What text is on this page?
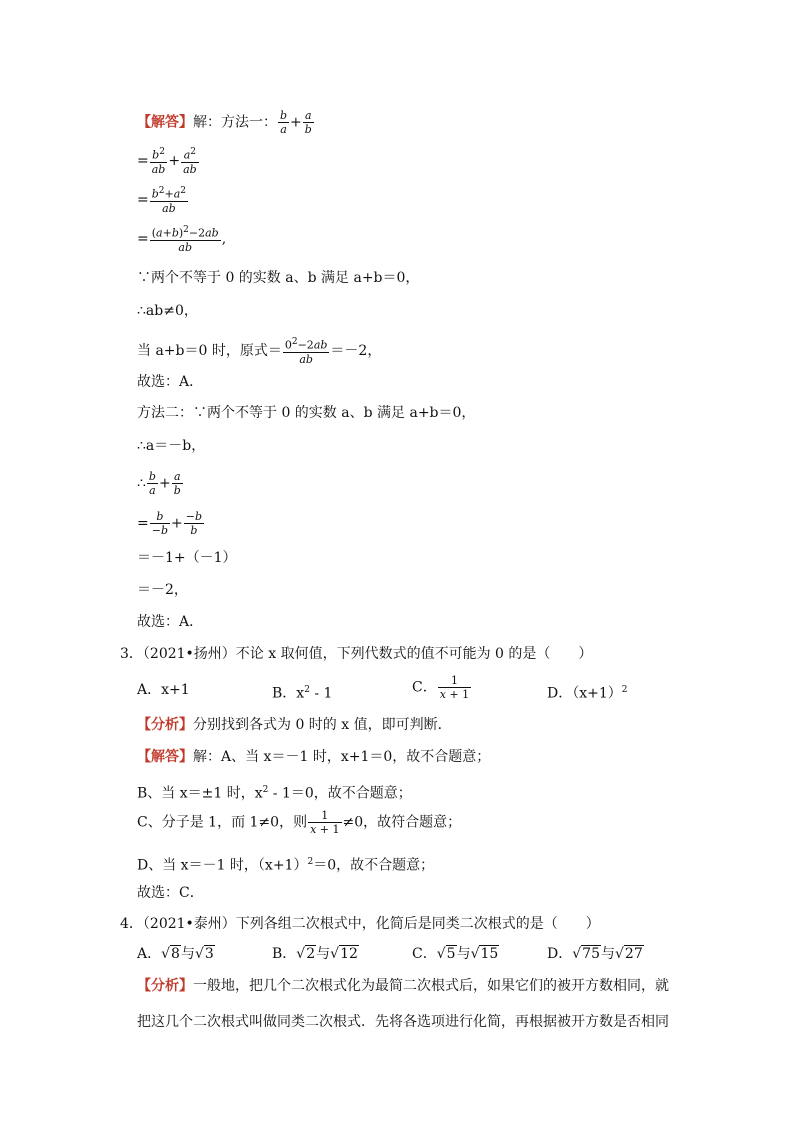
【解答】解：方法一： $\frac{b}{a} + \frac{a}{b}$
= $\frac{b^2}{ab} + \frac{a^2}{ab}$
= $\frac{b^2+a^2}{ab}$
= $\frac{(a+b)^2-2ab}{ab}$ ,
∵两个不等于 0 的实数 a、b 满足 a+b＝0，
∴ab≠0，
当 a+b＝0 时，原式＝ $\frac{0^2-2ab}{ab} =-2$，
故选：A．
方法二：∵两个不等于 0 的实数 a、b 满足 a+b＝0，
∴a＝－b，
∴ $\frac{b}{a} + \frac{a}{b}$
= $\frac{b}{-b} + \frac{-b}{b}$
＝－1+（－1）
＝－2，
故选：A．
3．（2021•扬州）不论 x 取何值，下列代数式的值不可能为 0 的是（　　）
A．x+1	B．$x^2 - 1$	C． $\frac{1}{x + 1}$	D．$(x+1)^2$
【分析】分别找到各式为 0 时的 x 值，即可判断．
【解答】解：A、当 x＝－1 时，x+1＝0，故不合题意；
B、当 x＝±1 时，$x^2 - 1=0$，故不合题意；
C、分子是 1，而 1≠0，则 $\frac{1}{x + 1} \ne 0$，故符合题意；
D、当 x＝－1 时，$(x+1)^2=0$，故不合题意；
故选：C．
4．（2021•泰州）下列各组二次根式中，化简后是同类二次根式的是（　　）
A．√8与√3	B．√2与√12	C．√5与√15	D．√75与√27
【分析】一般地，把几个二次根式化为最简二次根式后，如果它们的被开方数相同，就
把这几个二次根式叫做同类二次根式．先将各选项进行化简，再根据被开方数是否相同
